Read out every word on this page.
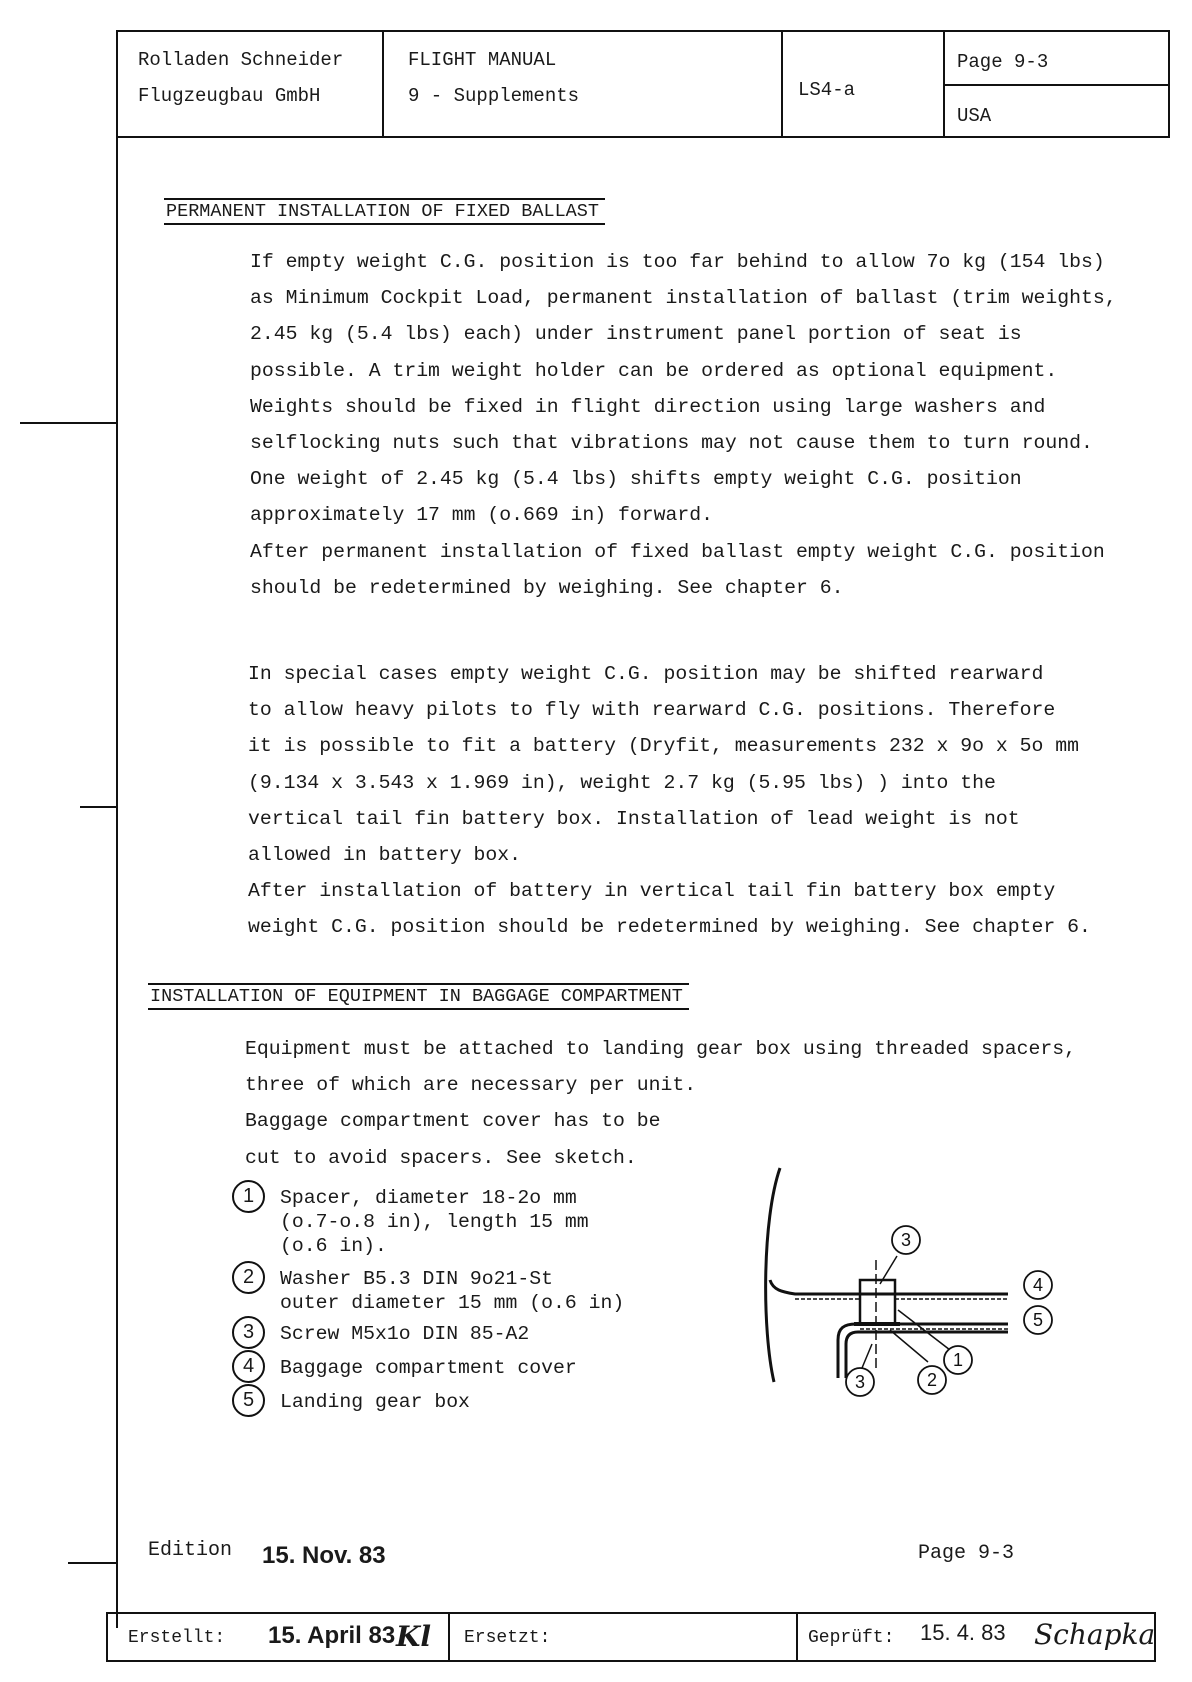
Rolladen Schneider
Flugzeugbau GmbH
FLIGHT MANUAL
9 - Supplements	LS4-a
Page 9-3
USA
PERMANENT INSTALLATION OF FIXED BALLAST
If empty weight C.G. position is too far behind to allow 7o kg (154 lbs)
as Minimum Cockpit Load, permanent installation of ballast (trim weights,
2.45 kg (5.4 lbs) each) under instrument panel portion of seat is
possible. A trim weight holder can be ordered as optional equipment.
Weights should be fixed in flight direction using large washers and
selflocking nuts such that vibrations may not cause them to turn round.
One weight of 2.45 kg (5.4 lbs) shifts empty weight C.G. position
approximately 17 mm (o.669 in) forward.
After permanent installation of fixed ballast empty weight C.G. position
should be redetermined by weighing. See chapter 6.
In special cases empty weight C.G. position may be shifted rearward
to allow heavy pilots to fly with rearward C.G. positions. Therefore
it is possible to fit a battery (Dryfit, measurements 232 x 9o x 5o mm
(9.134 x 3.543 x 1.969 in), weight 2.7 kg (5.95 lbs) ) into the
vertical tail fin battery box. Installation of lead weight is not
allowed in battery box.
After installation of battery in vertical tail fin battery box empty
weight C.G. position should be redetermined by weighing. See chapter 6.
INSTALLATION OF EQUIPMENT IN BAGGAGE COMPARTMENT
Equipment must be attached to landing gear box using threaded spacers,
three of which are necessary per unit.
Baggage compartment cover has to be
cut to avoid spacers. See sketch.
1	Spacer, diameter 18-2o mm
(o.7-o.8 in), length 15 mm
(o.6 in).
2	Washer B5.3 DIN 9o21-St
outer diameter 15 mm (o.6 in)
3	Screw M5x1o DIN 85-A2
4	Baggage compartment cover
5	Landing gear box
3
4
5
1
3	2
Edition 15. Nov. 83	Page 9-3
Erstellt: 15. April 83 Kl Ersetzt:	Geprüft: 15. 4. 83 Schapka
